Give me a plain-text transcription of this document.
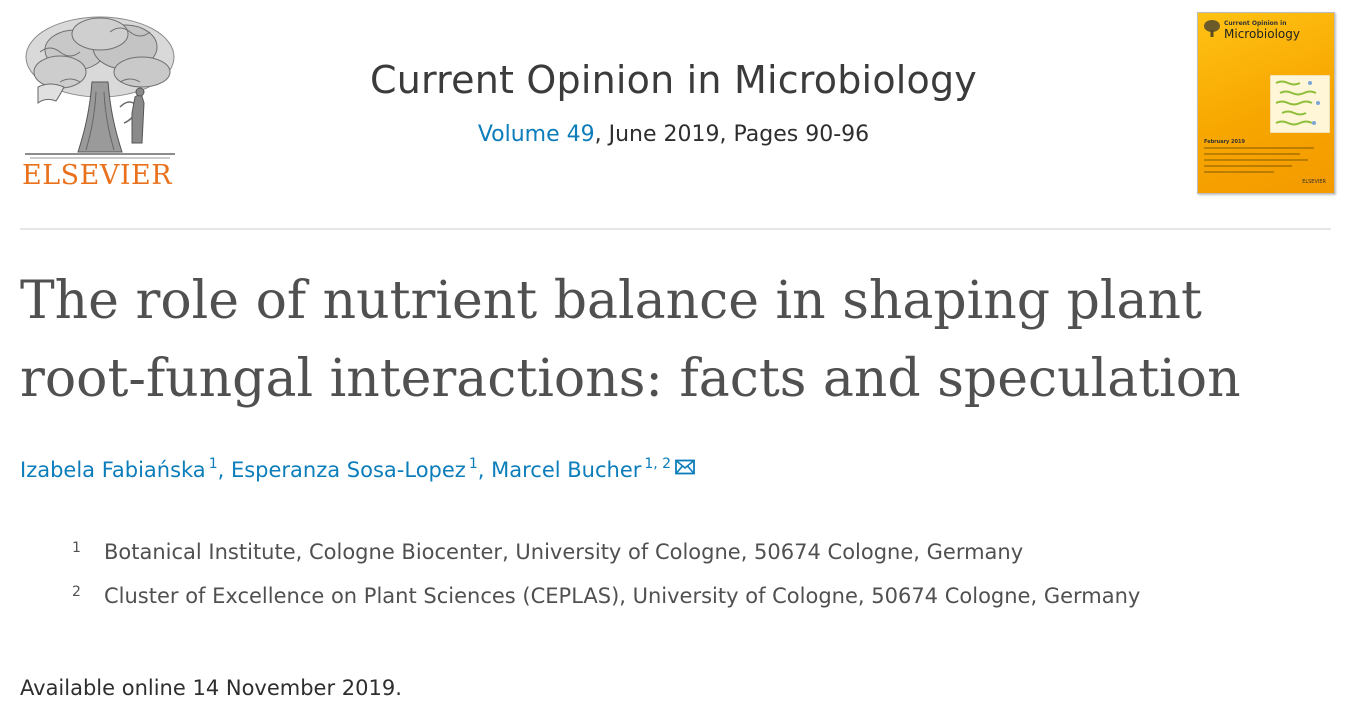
ELSEVIER
Current Opinion in Microbiology
Volume 49, June 2019, Pages 90-96
Current Opinion in
Microbiology
February 2019
ELSEVIER
The role of nutrient balance in shaping plant
root-fungal interactions: facts and speculation
Izabela Fabiańska $^1$, Esperanza Sosa-Lopez $^1$, Marcel Bucher $^{1, 2}$
1	Botanical Institute, Cologne Biocenter, University of Cologne, 50674 Cologne, Germany
2	Cluster of Excellence on Plant Sciences (CEPLAS), University of Cologne, 50674 Cologne, Germany
Available online 14 November 2019.
